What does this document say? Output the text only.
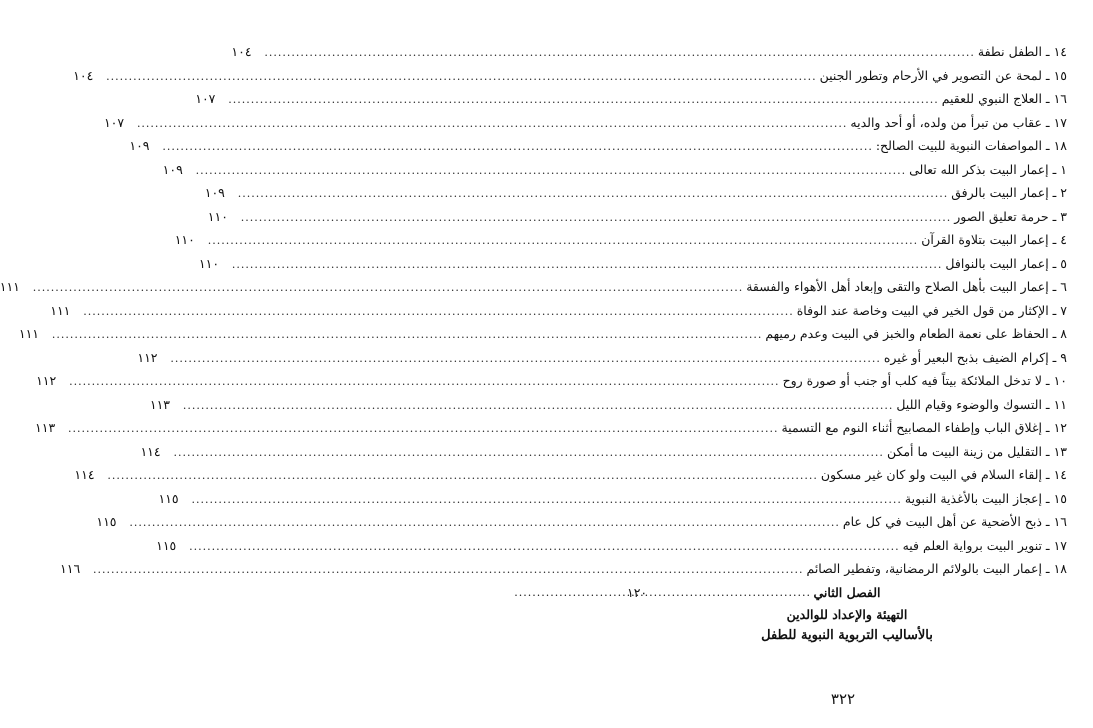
١٤ ـ الطفل نطفة
.....
١٠٤
١٥ ـ لمحة عن التصوير في الأرحام وتطور الجنين
.....
١٠٤
١٦ ـ العلاج النبوي للعقيم
.....
١٠٧
١٧ ـ عقاب من تبرأ من ولده، أو أحد والديه
.....
١٠٧
١٨ ـ المواصفات النبوية للبيت الصالح:
.....
١٠٩
١ ـ إعمار البيت بذكر الله تعالى
.....
١٠٩
٢ ـ إعمار البيت بالرفق
.....
١٠٩
٣ ـ حرمة تعليق الصور
.....
١١٠
٤ ـ إعمار البيت بتلاوة القرآن
.....
١١٠
٥ ـ إعمار البيت بالنوافل
.....
١١٠
٦ ـ إعمار البيت بأهل الصلاح والتقى وإبعاد أهل الأهواء والفسقة
.....
١١١
٧ ـ الإكثار من قول الخير في البيت وخاصة عند الوفاة
.....
١١١
٨ ـ الحفاظ على نعمة الطعام والخبز في البيت وعدم رميهم
.....
١١١
٩ ـ إكرام الضيف بذبح البعير أو غيره
.....
١١٢
١٠ ـ لا تدخل الملائكة بيتاً فيه كلب أو جنب أو صورة روح
.....
١١٢
١١ ـ التسوك والوضوء وقيام الليل
.....
١١٣
١٢ ـ إغلاق الباب وإطفاء المصابيح أثناء النوم مع التسمية
.....
١١٣
١٣ ـ التقليل من زينة البيت ما أمكن
.....
١١٤
١٤ ـ إلقاء السلام في البيت ولو كان غير مسكون
.....
١١٤
١٥ ـ إعجاز البيت بالأغذية النبوية
.....
١١٥
١٦ ـ ذبح الأضحية عن أهل البيت في كل عام
.....
١١٥
١٧ ـ تنوير البيت برواية العلم فيه
.....
١١٥
١٨ ـ إعمار البيت بالولائم الرمضانية، وتفطير الصائم
.....
١١٦
الفصل الثاني
.....
١٢٠
التهيئة والإعداد للوالدين
بالأساليب التربوية النبوية للطفل
٣٢٢
